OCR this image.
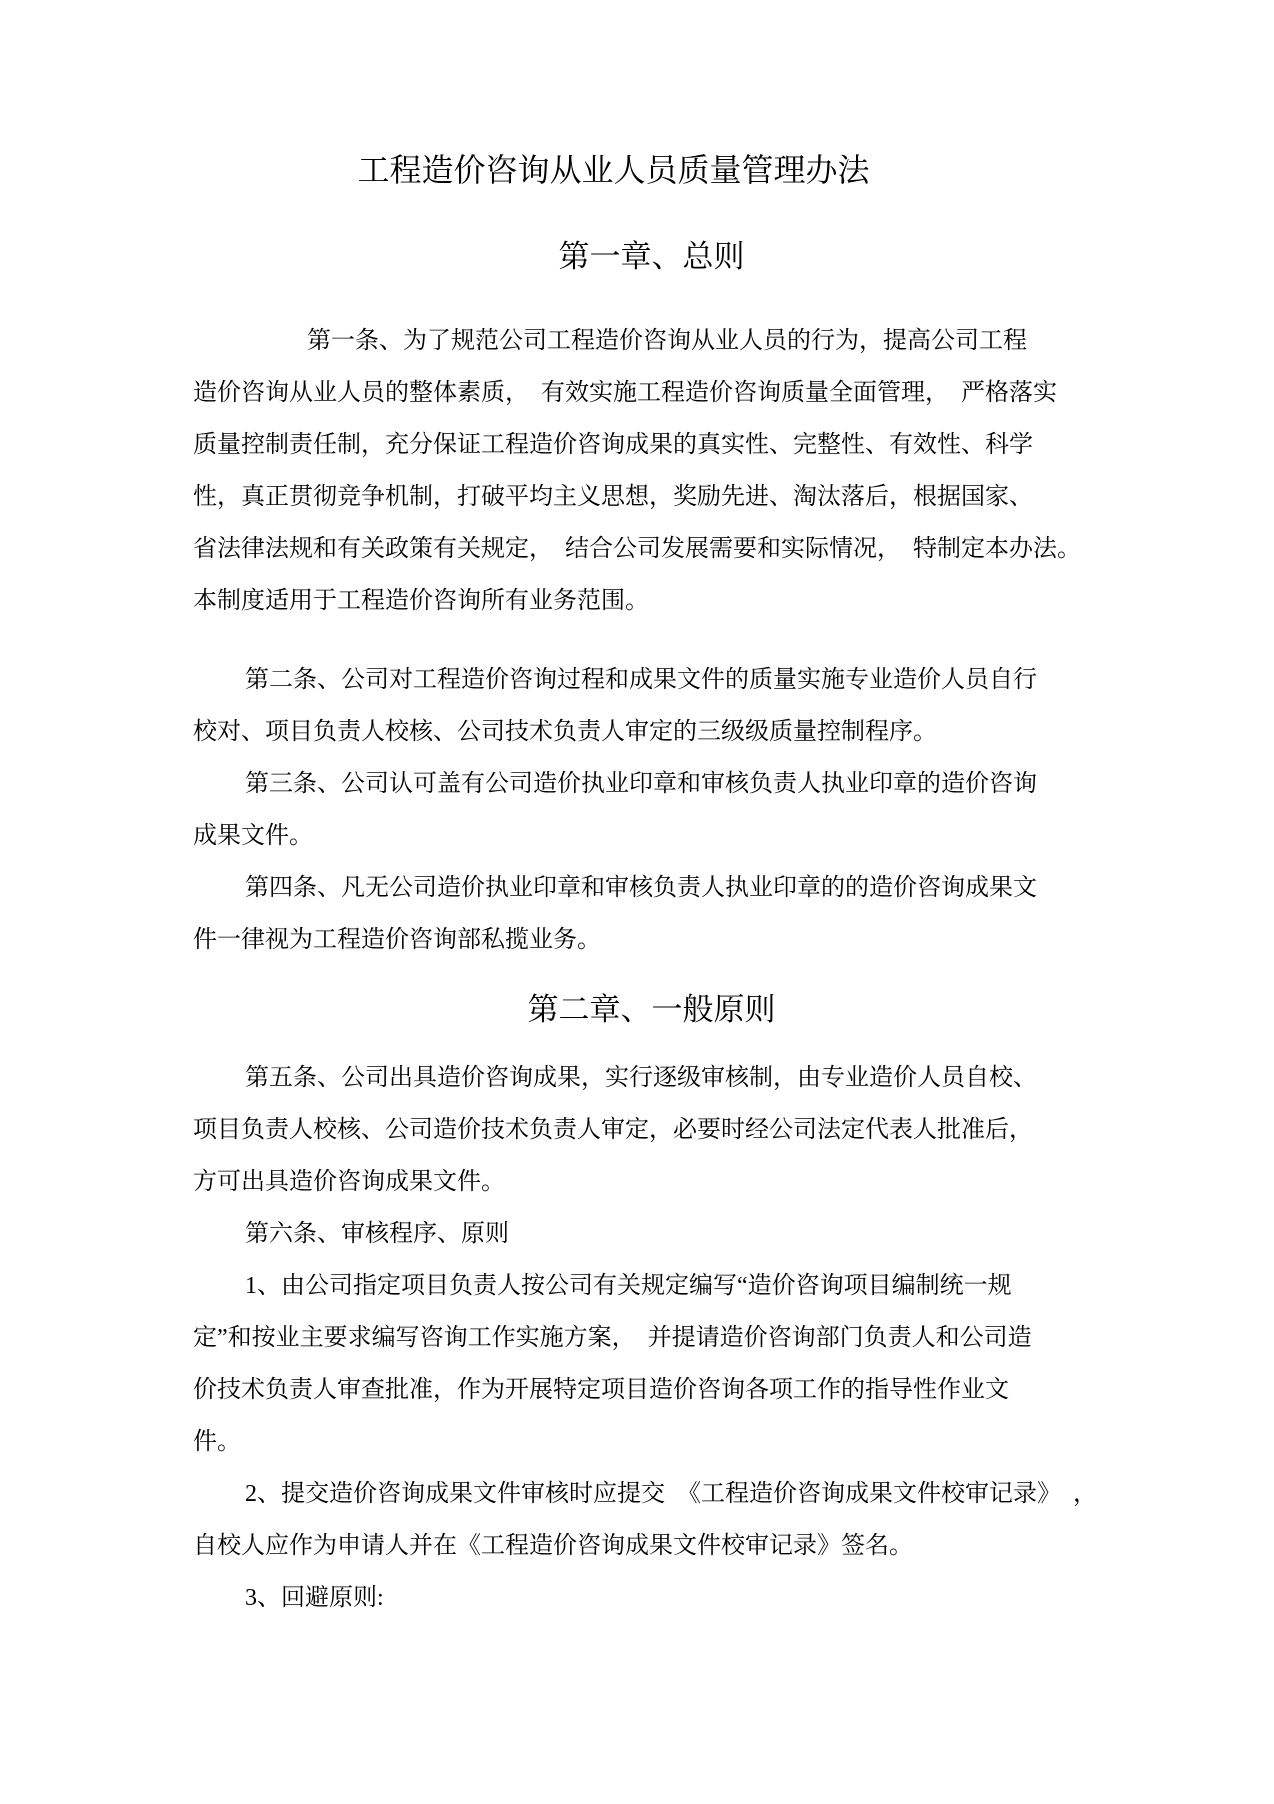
工程造价咨询从业人员质量管理办法
第一章、总则
第一条、为了规范公司工程造价咨询从业人员的行为，提高公司工程
造价咨询从业人员的整体素质，　有效实施工程造价咨询质量全面管理，　严格落实
质量控制责任制，充分保证工程造价咨询成果的真实性、完整性、有效性、科学
性，真正贯彻竞争机制，打破平均主义思想，奖励先进、淘汰落后，根据国家、
省法律法规和有关政策有关规定，　结合公司发展需要和实际情况，　特制定本办法。
本制度适用于工程造价咨询所有业务范围。
第二条、公司对工程造价咨询过程和成果文件的质量实施专业造价人员自行
校对、项目负责人校核、公司技术负责人审定的三级级质量控制程序。
第三条、公司认可盖有公司造价执业印章和审核负责人执业印章的造价咨询
成果文件。
第四条、凡无公司造价执业印章和审核负责人执业印章的的造价咨询成果文
件一律视为工程造价咨询部私揽业务。
第二章、一般原则
第五条、公司出具造价咨询成果，实行逐级审核制，由专业造价人员自校、
项目负责人校核、公司造价技术负责人审定，必要时经公司法定代表人批准后，
方可出具造价咨询成果文件。
第六条、审核程序、原则
1、由公司指定项目负责人按公司有关规定编写“造价咨询项目编制统一规
定”和按业主要求编写咨询工作实施方案，　并提请造价咨询部门负责人和公司造
价技术负责人审查批准，作为开展特定项目造价咨询各项工作的指导性作业文
件。
2、提交造价咨询成果文件审核时应提交　《工程造价咨询成果文件校审记录》　，
自校人应作为申请人并在《工程造价咨询成果文件校审记录》签名。
3、回避原则:
